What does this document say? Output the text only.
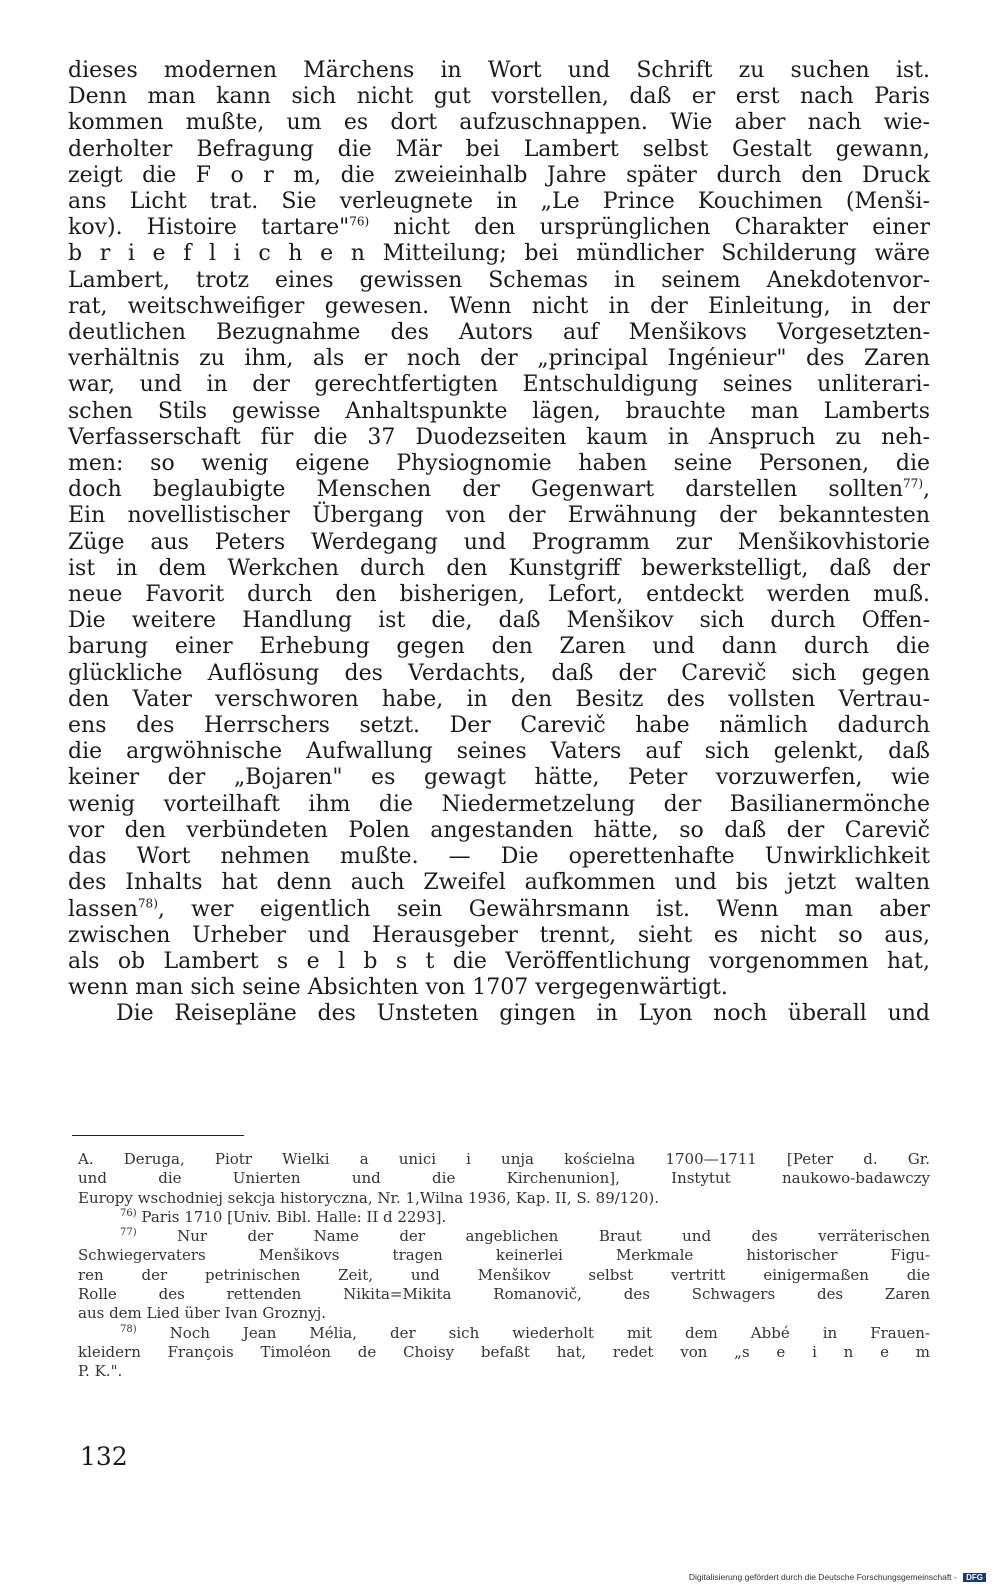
dieses modernen Märchens in Wort und Schrift zu suchen ist.
Denn man kann sich nicht gut vorstellen, daß er erst nach Paris
kommen mußte, um es dort aufzuschnappen. Wie aber nach wie-
derholter Befragung die Mär bei Lambert selbst Gestalt gewann,
zeigt die F o r m, die zweieinhalb Jahre später durch den Druck
ans Licht trat. Sie verleugnete in „Le Prince Kouchimen (Menši-
kov). Histoire tartare"$^{76)}$ nicht den ursprünglichen Charakter einer
b r i e f l i c h e n Mitteilung; bei mündlicher Schilderung wäre
Lambert, trotz eines gewissen Schemas in seinem Anekdotenvor-
rat, weitschweifiger gewesen. Wenn nicht in der Einleitung, in der
deutlichen Bezugnahme des Autors auf Menšikovs Vorgesetzten-
verhältnis zu ihm, als er noch der „principal Ingénieur" des Zaren
war, und in der gerechtfertigten Entschuldigung seines unliterari-
schen Stils gewisse Anhaltspunkte lägen, brauchte man Lamberts
Verfasserschaft für die 37 Duodezseiten kaum in Anspruch zu neh-
men: so wenig eigene Physiognomie haben seine Personen, die
doch beglaubigte Menschen der Gegenwart darstellen sollten$^{77)}$,
Ein novellistischer Übergang von der Erwähnung der bekanntesten
Züge aus Peters Werdegang und Programm zur Menšikovhistorie
ist in dem Werkchen durch den Kunstgriff bewerkstelligt, daß der
neue Favorit durch den bisherigen, Lefort, entdeckt werden muß.
Die weitere Handlung ist die, daß Menšikov sich durch Offen-
barung einer Erhebung gegen den Zaren und dann durch die
glückliche Auflösung des Verdachts, daß der Carevič sich gegen
den Vater verschworen habe, in den Besitz des vollsten Vertrau-
ens des Herrschers setzt. Der Carevič habe nämlich dadurch
die argwöhnische Aufwallung seines Vaters auf sich gelenkt, daß
keiner der „Bojaren" es gewagt hätte, Peter vorzuwerfen, wie
wenig vorteilhaft ihm die Niedermetzelung der Basilianermönche
vor den verbündeten Polen angestanden hätte, so daß der Carevič
das Wort nehmen mußte. — Die operettenhafte Unwirklichkeit
des Inhalts hat denn auch Zweifel aufkommen und bis jetzt walten
lassen$^{78)}$, wer eigentlich sein Gewährsmann ist. Wenn man aber
zwischen Urheber und Herausgeber trennt, sieht es nicht so aus,
als ob Lambert s e l b s t die Veröffentlichung vorgenommen hat,
wenn man sich seine Absichten von 1707 vergegenwärtigt.
Die Reisepläne des Unsteten gingen in Lyon noch überall und
A. Deruga, Piotr Wielki a unici i unja kościelna 1700—1711 [Peter d. Gr.
und die Unierten und die Kirchenunion], Instytut naukowo-badawczy
Europy wschodniej sekcja historyczna, Nr. 1,Wilna 1936, Kap. II, S. 89/120).
$^{76)}$ Paris 1710 [Univ. Bibl. Halle: II d 2293].
$^{77)}$ Nur der Name der angeblichen Braut und des verräterischen
Schwiegervaters Menšikovs tragen keinerlei Merkmale historischer Figu-
ren der petrinischen Zeit, und Menšikov selbst vertritt einigermaßen die
Rolle des rettenden Nikita=Mikita Romanovič, des Schwagers des Zaren
aus dem Lied über Ivan Groznyj.
$^{78)}$ Noch Jean Mélia, der sich wiederholt mit dem Abbé in Frauen-
kleidern François Timoléon de Choisy befaßt hat, redet von „s e i n e m
P. K.".
132
Digitalisierung gefördert durch die Deutsche Forschungsgemeinschaft - DFG
